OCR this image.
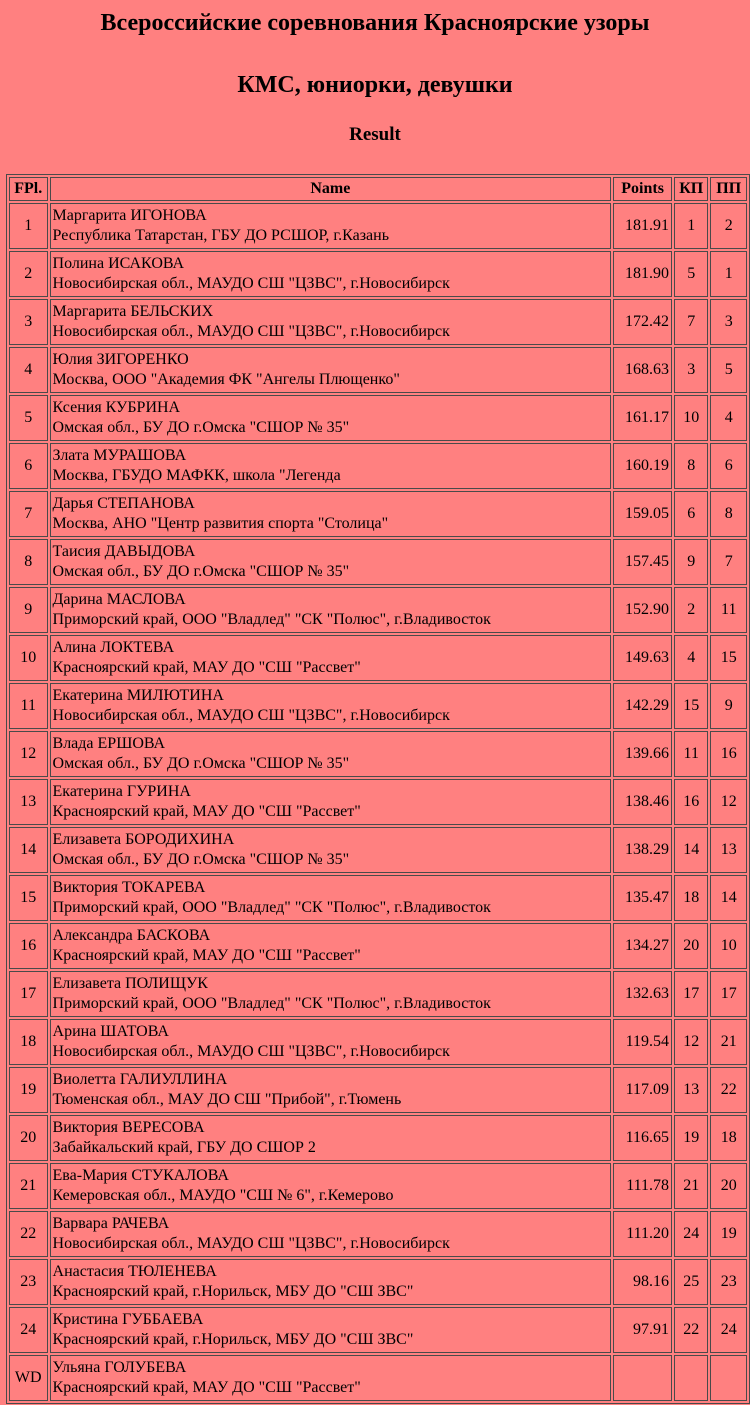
Всероссийские соревнования Красноярские узоры
КМС, юниорки, девушки
Result
FPl.	Name	Points	КП	ПП
1	Маргарита ИГОНОВА
Республика Татарстан, ГБУ ДО РСШОР, г.Казань	181.91	1	2
2	Полина ИСАКОВА
Новосибирская обл., МАУДО СШ "ЦЗВС", г.Новосибирск	181.90	5	1
3	Маргарита БЕЛЬСКИХ
Новосибирская обл., МАУДО СШ "ЦЗВС", г.Новосибирск	172.42	7	3
4	Юлия ЗИГОРЕНКО
Москва, ООО "Академия ФК "Ангелы Плющенко"	168.63	3	5
5	Ксения КУБРИНА
Омская обл., БУ ДО г.Омска "СШОР № 35"	161.17	10	4
6	Злата МУРАШОВА
Москва, ГБУДО МАФКК, школа "Легенда	160.19	8	6
7	Дарья СТЕПАНОВА
Москва, АНО "Центр развития спорта "Столица"	159.05	6	8
8	Таисия ДАВЫДОВА
Омская обл., БУ ДО г.Омска "СШОР № 35"	157.45	9	7
9	Дарина МАСЛОВА
Приморский край, ООО "Владлед" "СК "Полюс", г.Владивосток	152.90	2	11
10	Алина ЛОКТЕВА
Красноярский край, МАУ ДО "СШ "Рассвет"	149.63	4	15
11	Екатерина МИЛЮТИНА
Новосибирская обл., МАУДО СШ "ЦЗВС", г.Новосибирск	142.29	15	9
12	Влада ЕРШОВА
Омская обл., БУ ДО г.Омска "СШОР № 35"	139.66	11	16
13	Екатерина ГУРИНА
Красноярский край, МАУ ДО "СШ "Рассвет"	138.46	16	12
14	Елизавета БОРОДИХИНА
Омская обл., БУ ДО г.Омска "СШОР № 35"	138.29	14	13
15	Виктория ТОКАРЕВА
Приморский край, ООО "Владлед" "СК "Полюс", г.Владивосток	135.47	18	14
16	Александра БАСКОВА
Красноярский край, МАУ ДО "СШ "Рассвет"	134.27	20	10
17	Елизавета ПОЛИЩУК
Приморский край, ООО "Владлед" "СК "Полюс", г.Владивосток	132.63	17	17
18	Арина ШАТОВА
Новосибирская обл., МАУДО СШ "ЦЗВС", г.Новосибирск	119.54	12	21
19	Виолетта ГАЛИУЛЛИНА
Тюменская обл., МАУ ДО СШ "Прибой", г.Тюмень	117.09	13	22
20	Виктория ВЕРЕСОВА
Забайкальский край, ГБУ ДО СШОР 2	116.65	19	18
21	Ева-Мария СТУКАЛОВА
Кемеровская обл., МАУДО "СШ № 6", г.Кемерово	111.78	21	20
22	Варвара РАЧЕВА
Новосибирская обл., МАУДО СШ "ЦЗВС", г.Новосибирск	111.20	24	19
23	Анастасия ТЮЛЕНЕВА
Красноярский край, г.Норильск, МБУ ДО "СШ ЗВС"	98.16	25	23
24	Кристина ГУББАЕВА
Красноярский край, г.Норильск, МБУ ДО "СШ ЗВС"	97.91	22	24
WD	Ульяна ГОЛУБЕВА
Красноярский край, МАУ ДО "СШ "Рассвет"			
